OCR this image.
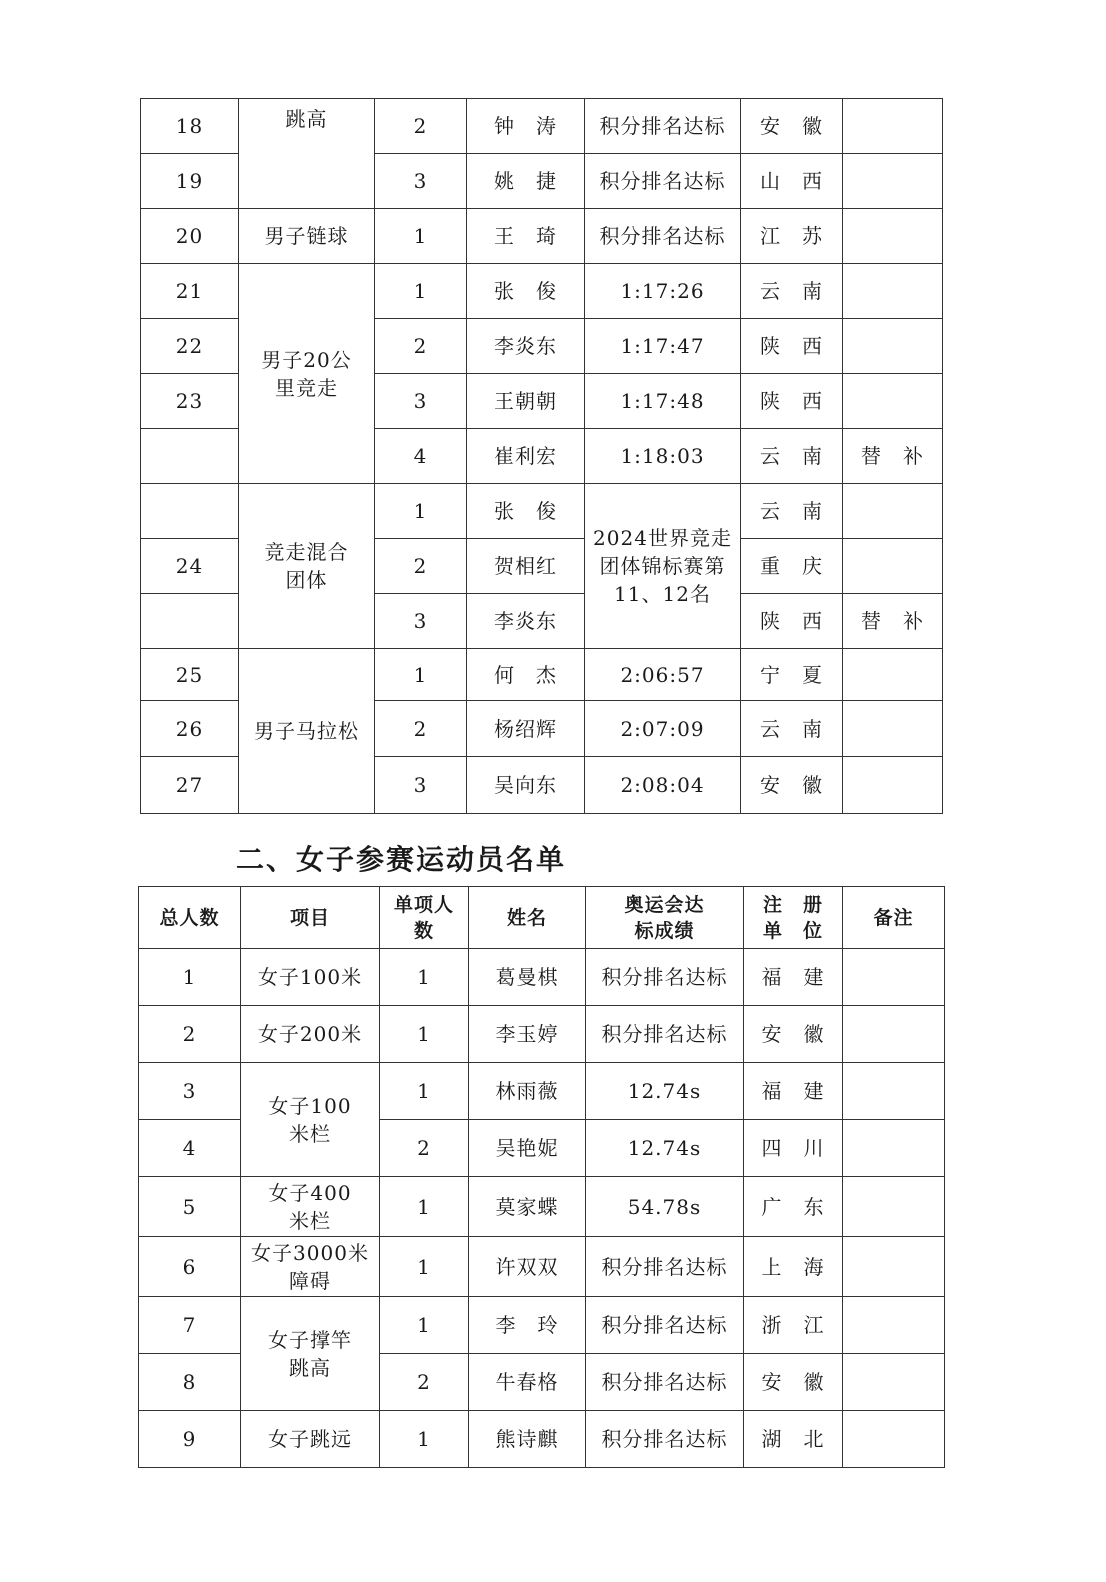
18	跳高	2	钟　涛	积分排名达标	安　徽	
19		3	姚　捷	积分排名达标	山　西	
20	男子链球	1	王　琦	积分排名达标	江　苏	
21	男子20公里竞走	1	张　俊	1:17:26	云　南	
22		2	李炎东	1:17:47	陕　西	
23		3	王朝朝	1:17:48	陕　西	
		4	崔利宏	1:18:03	云　南	替　补
	竞走混合团体	1	张　俊	2024世界竞走团体锦标赛第11、12名	云　南	
24		2	贺相红		重　庆	
		3	李炎东		陕　西	替　补
25	男子马拉松	1	何　杰	2:06:57	宁　夏	
26		2	杨绍辉	2:07:09	云　南	
27		3	吴向东	2:08:04	安　徽	
二、女子参赛运动员名单
总人数	项目	单项人数	姓名	奥运会达标成绩	注　册单　位	备注
1	女子100米	1	葛曼棋	积分排名达标	福　建	
2	女子200米	1	李玉婷	积分排名达标	安　徽	
3	女子100米栏	1	林雨薇	12.74s	福　建	
4		2	吴艳妮	12.74s	四　川	
5	女子400米栏	1	莫家蝶	54.78s	广　东	
6	女子3000米障碍	1	许双双	积分排名达标	上　海	
7	女子撑竿跳高	1	李　玲	积分排名达标	浙　江	
8		2	牛春格	积分排名达标	安　徽	
9	女子跳远	1	熊诗麒	积分排名达标	湖　北	
